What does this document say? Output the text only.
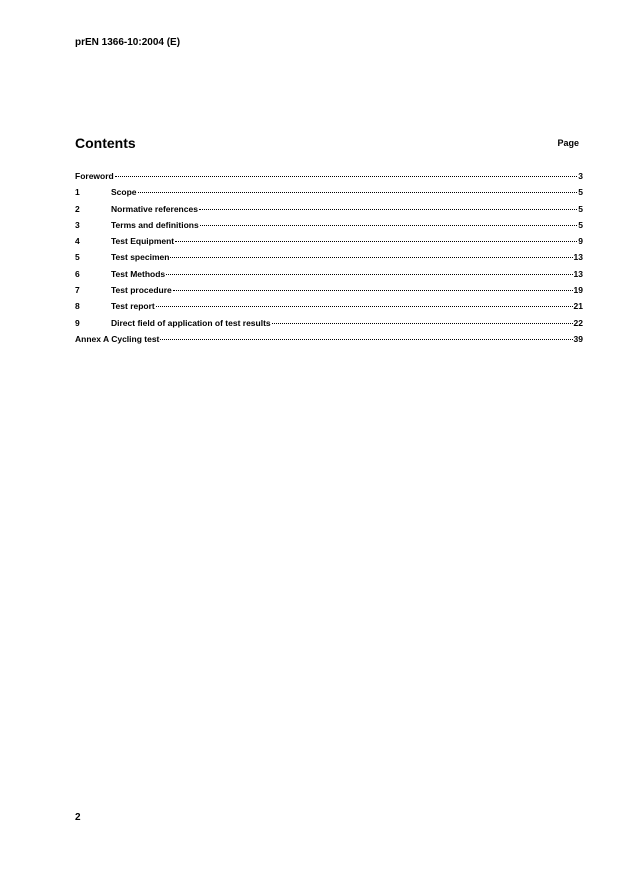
prEN 1366-10:2004 (E)
Contents	Page
Foreword	3
1	Scope	5
2	Normative references	5
3	Terms and definitions	5
4	Test Equipment	9
5	Test specimen	13
6	Test Methods	13
7	Test procedure	19
8	Test report	21
9	Direct field of application of test results	22
Annex A Cycling test	39
2
